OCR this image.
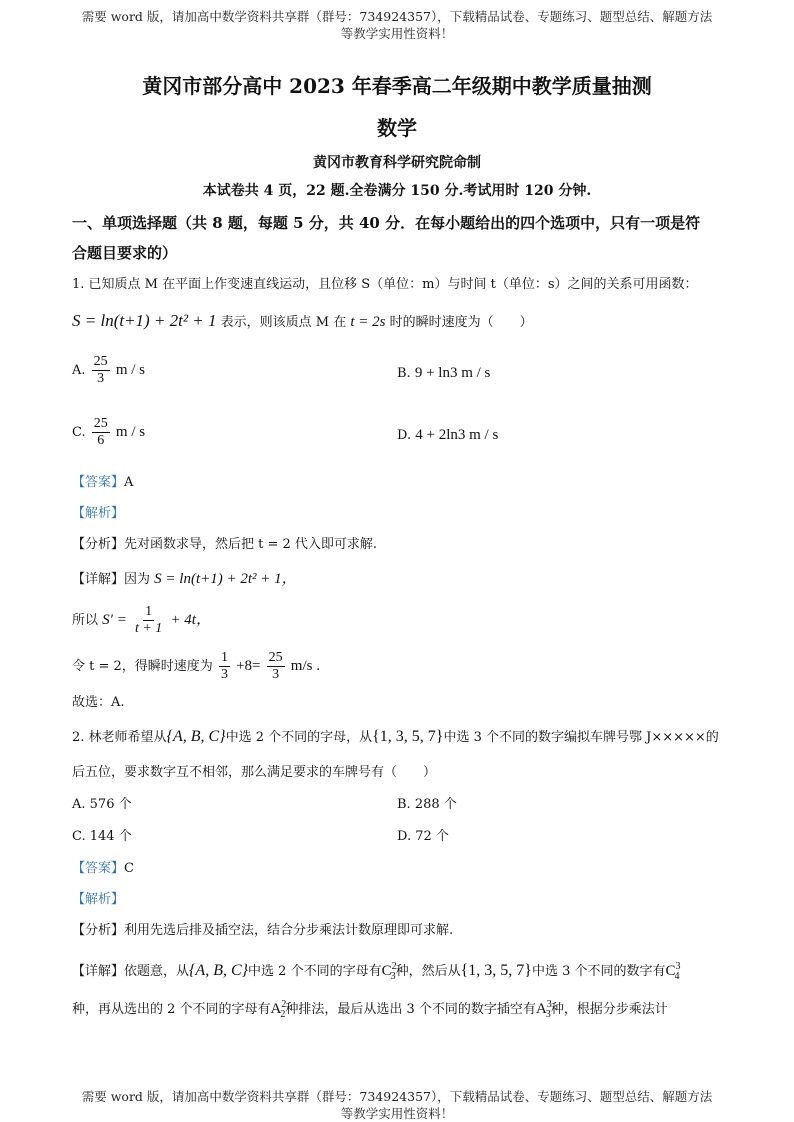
需要 word 版，请加高中数学资料共享群（群号：734924357），下载精品试卷、专题练习、题型总结、解题方法
等教学实用性资料！
黄冈市部分高中 2023 年春季高二年级期中教学质量抽测
数学
黄冈市教育科学研究院命制
本试卷共 4 页，22 题.全卷满分 150 分.考试用时 120 分钟.
一、单项选择题（共 8 题，每题 5 分，共 40 分．在每小题给出的四个选项中，只有一项是符
合题目要求的）
1. 已知质点 M 在平面上作变速直线运动，且位移 S（单位：m）与时间 t（单位：s）之间的关系可用函数：
S = ln(t+1) + 2t² + 1 表示，则该质点 M 在 t = 2s 时的瞬时速度为（　　）
A. $\frac{25}{3}$ m / s	B. 9 + ln3 m / s
C. $\frac{25}{6}$ m / s	D. 4 + 2ln3 m / s
【答案】A
【解析】
【分析】先对函数求导，然后把 t = 2 代入即可求解.
【详解】因为 S = ln(t+1) + 2t² + 1，
所以 $S' = \frac{1}{t + 1} + 4t$，
令 t = 2，得瞬时速度为 $\frac{1}{3} +8= \frac{25}{3} m/s$ .
故选：A.
2. 林老师希望从{A, B, C}中选 2 个不同的字母，从{1, 3, 5, 7}中选 3 个不同的数字编拟车牌号鄂 J×××××的
后五位，要求数字互不相邻，那么满足要求的车牌号有（　　）
A. 576 个	B. 288 个
C. 144 个	D. 72 个
【答案】C
【解析】
【分析】利用先选后排及插空法，结合分步乘法计数原理即可求解.
【详解】依题意，从{A, B, C}中选 2 个不同的字母有$C^2_3$种，然后从{1, 3, 5, 7}中选 3 个不同的数字有$C^3_4$
种，再从选出的 2 个不同的字母有$A^2_2$种排法，最后从选出 3 个不同的数字插空有$A^3_3$种，根据分步乘法计
需要 word 版，请加高中数学资料共享群（群号：734924357），下载精品试卷、专题练习、题型总结、解题方法
等教学实用性资料！
